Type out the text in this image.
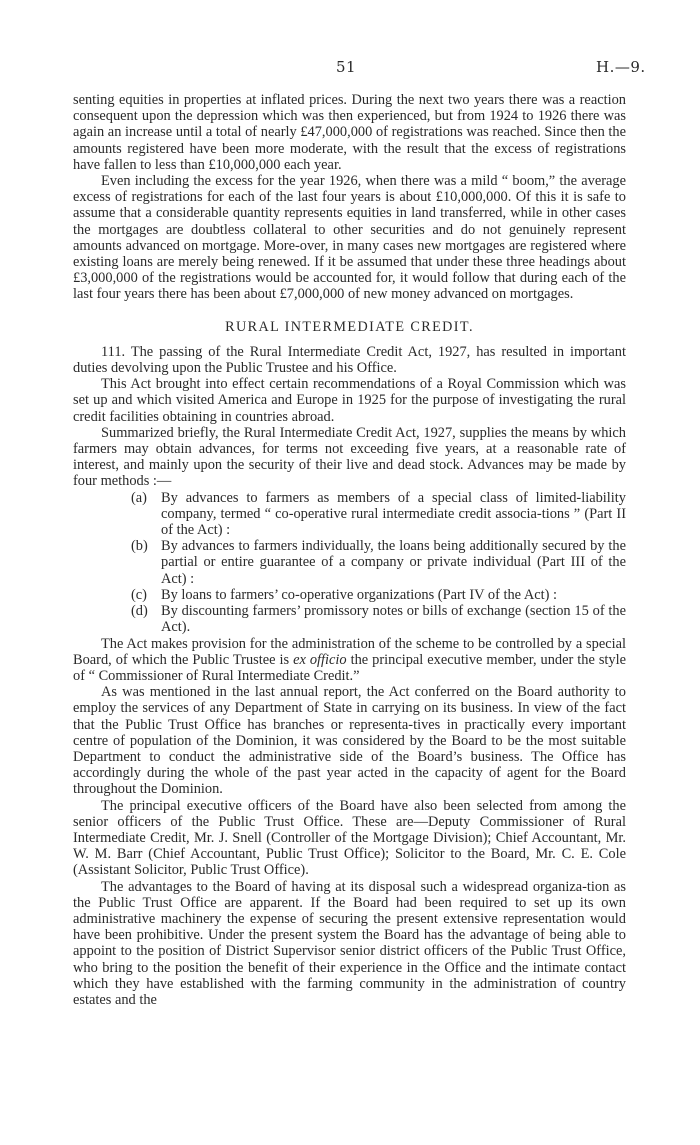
51	H.—9.

senting equities in properties at inflated prices. During the next two years there was a reaction consequent upon the depression which was then experienced, but from 1924 to 1926 there was again an increase until a total of nearly £47,000,000 of registrations was reached. Since then the amounts registered have been more moderate, with the result that the excess of registrations have fallen to less than £10,000,000 each year.

Even including the excess for the year 1926, when there was a mild “ boom,” the average excess of registrations for each of the last four years is about £10,000,000. Of this it is safe to assume that a considerable quantity represents equities in land transferred, while in other cases the mortgages are doubtless collateral to other securities and do not genuinely represent amounts advanced on mortgage. More-over, in many cases new mortgages are registered where existing loans are merely being renewed. If it be assumed that under these three headings about £3,000,000 of the registrations would be accounted for, it would follow that during each of the last four years there has been about £7,000,000 of new money advanced on mortgages.

RURAL INTERMEDIATE CREDIT.

111. The passing of the Rural Intermediate Credit Act, 1927, has resulted in important duties devolving upon the Public Trustee and his Office.

This Act brought into effect certain recommendations of a Royal Commission which was set up and which visited America and Europe in 1925 for the purpose of investigating the rural credit facilities obtaining in countries abroad.

Summarized briefly, the Rural Intermediate Credit Act, 1927, supplies the means by which farmers may obtain advances, for terms not exceeding five years, at a reasonable rate of interest, and mainly upon the security of their live and dead stock. Advances may be made by four methods :—

(a) By advances to farmers as members of a special class of limited-liability company, termed “ co-operative rural intermediate credit associa-tions ” (Part II of the Act) :
(b) By advances to farmers individually, the loans being additionally secured by the partial or entire guarantee of a company or private individual (Part III of the Act) :
(c) By loans to farmers’ co-operative organizations (Part IV of the Act) :
(d) By discounting farmers’ promissory notes or bills of exchange (section 15 of the Act).

The Act makes provision for the administration of the scheme to be controlled by a special Board, of which the Public Trustee is ex officio the principal executive member, under the style of “ Commissioner of Rural Intermediate Credit.”

As was mentioned in the last annual report, the Act conferred on the Board authority to employ the services of any Department of State in carrying on its business. In view of the fact that the Public Trust Office has branches or representa-tives in practically every important centre of population of the Dominion, it was considered by the Board to be the most suitable Department to conduct the administrative side of the Board’s business. The Office has accordingly during the whole of the past year acted in the capacity of agent for the Board throughout the Dominion.

The principal executive officers of the Board have also been selected from among the senior officers of the Public Trust Office. These are—Deputy Commissioner of Rural Intermediate Credit, Mr. J. Snell (Controller of the Mortgage Division); Chief Accountant, Mr. W. M. Barr (Chief Accountant, Public Trust Office); Solicitor to the Board, Mr. C. E. Cole (Assistant Solicitor, Public Trust Office).

The advantages to the Board of having at its disposal such a widespread organiza-tion as the Public Trust Office are apparent. If the Board had been required to set up its own administrative machinery the expense of securing the present extensive representation would have been prohibitive. Under the present system the Board has the advantage of being able to appoint to the position of District Supervisor senior district officers of the Public Trust Office, who bring to the position the benefit of their experience in the Office and the intimate contact which they have established with the farming community in the administration of country estates and the
